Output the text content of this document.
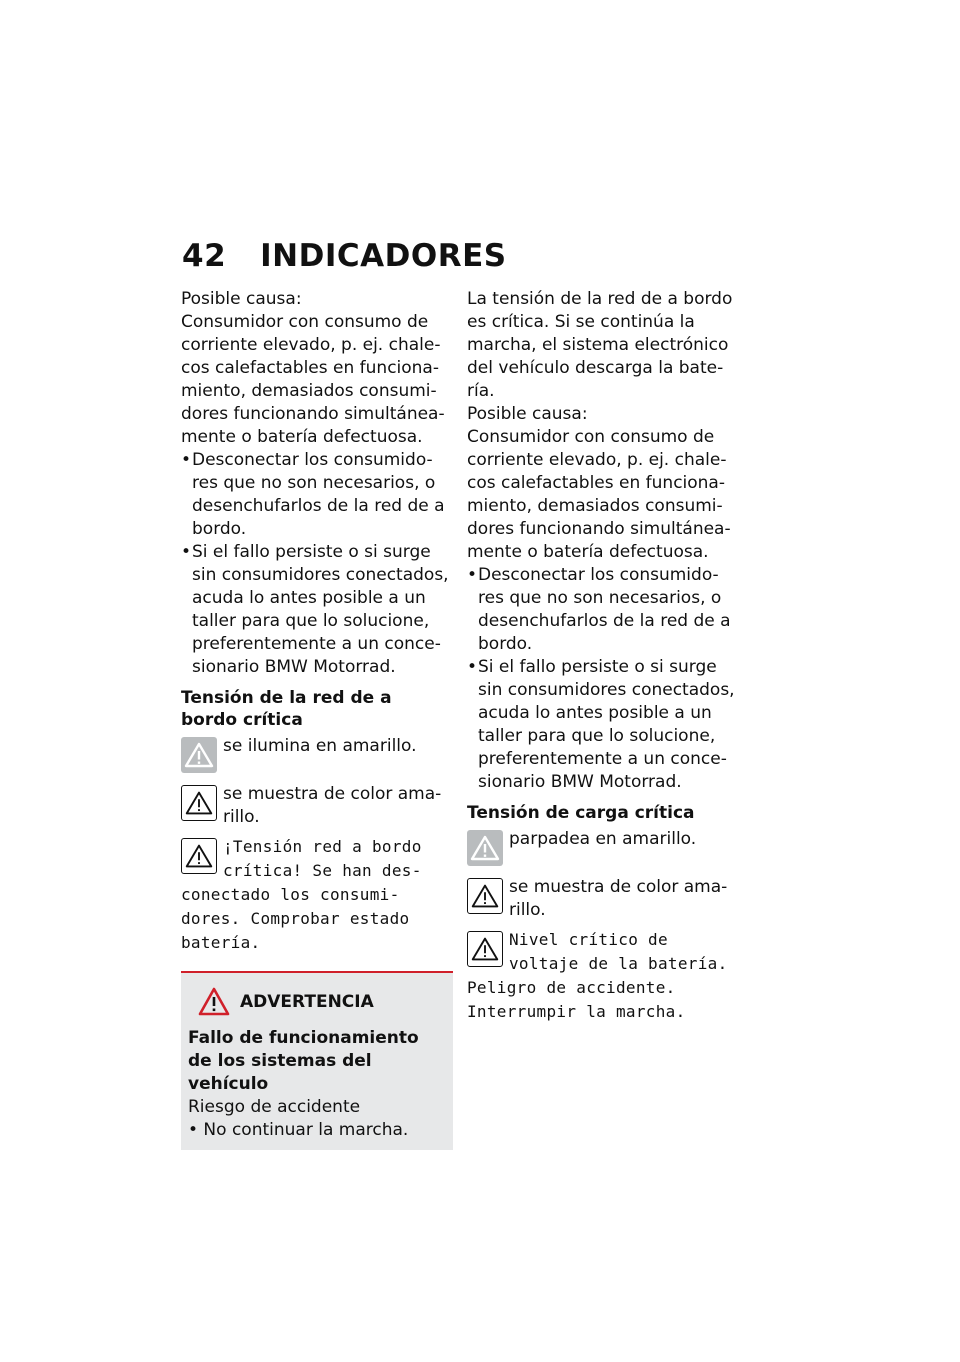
42 INDICADORES

Posible causa:

Consumidor con consumo de corriente elevado, p. ej. chale-cos calefactables en funciona-miento, demasiados consumi-dores funcionando simultánea-mente o batería defectuosa.

• Desconectar los consumido-res que no son necesarios, o desenchufarlos de la red de a bordo.
• Si el fallo persiste o si surge sin consumidores conectados, acuda lo antes posible a un taller para que lo solucione, preferentemente a un conce-sionario BMW Motorrad.
Tensión de la red de a bordo crítica
se ilumina en amarillo.
se muestra de color ama-rillo.
¡Tensión red a bordo crítica! Se han des-conectado los consumi-dores. Comprobar estado batería.
ADVERTENCIA
Fallo de funcionamiento de los sistemas del vehículo
Riesgo de accidente
• No continuar la marcha.

La tensión de la red de a bordo es crítica. Si se continúa la marcha, el sistema electrónico del vehículo descarga la bate-ría.

Posible causa:

Consumidor con consumo de corriente elevado, p. ej. chale-cos calefactables en funciona-miento, demasiados consumi-dores funcionando simultánea-mente o batería defectuosa.

• Desconectar los consumido-res que no son necesarios, o desenchufarlos de la red de a bordo.
• Si el fallo persiste o si surge sin consumidores conectados, acuda lo antes posible a un taller para que lo solucione, preferentemente a un conce-sionario BMW Motorrad.
Tensión de carga crítica
parpadea en amarillo.
se muestra de color ama-rillo.
Nivel crítico de voltaje de la batería. Peligro de accidente. Interrumpir la marcha.
